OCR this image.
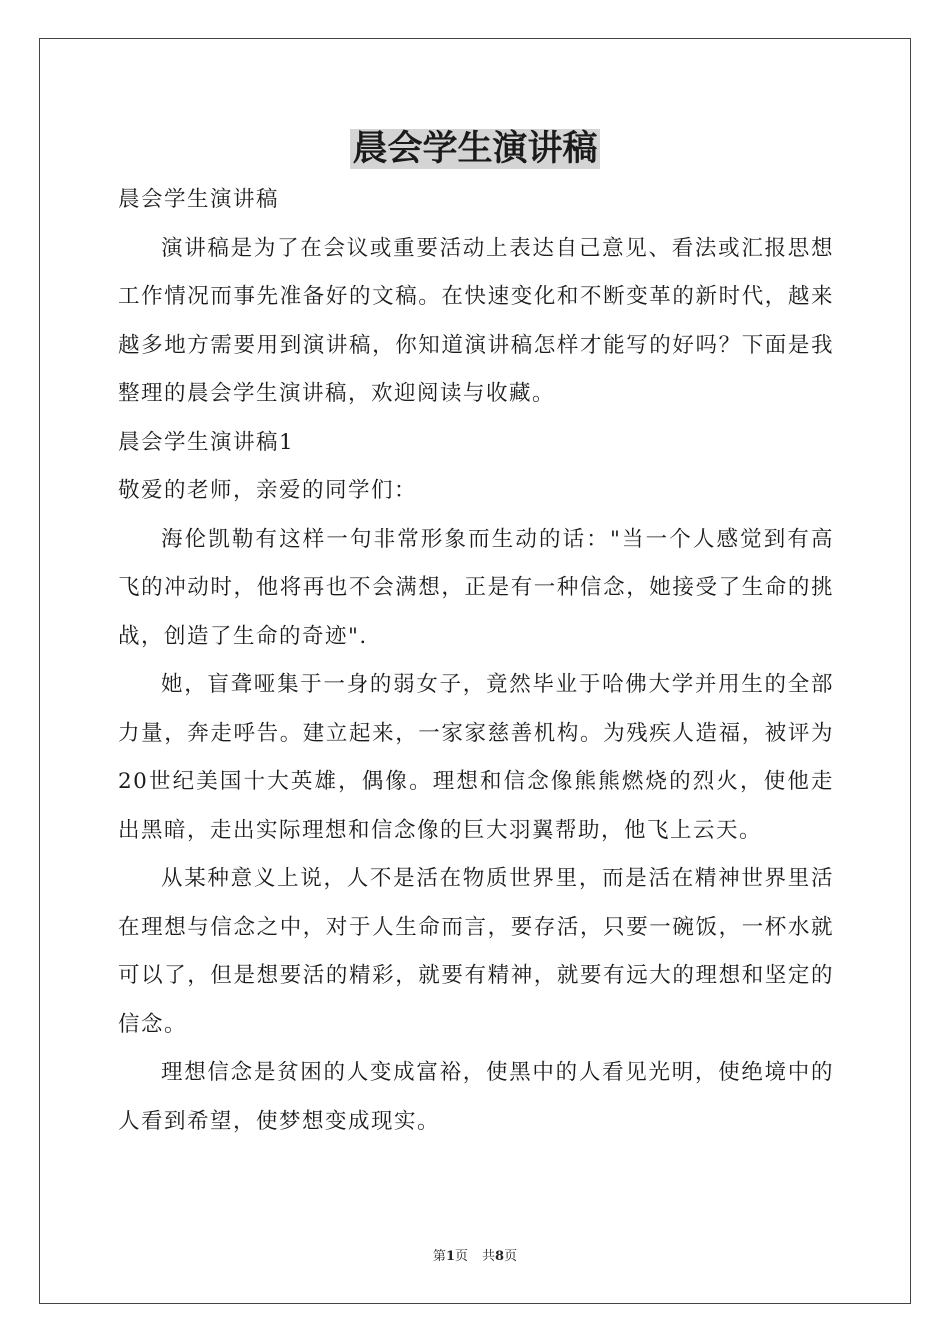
晨会学生演讲稿

晨会学生演讲稿

演讲稿是为了在会议或重要活动上表达自己意见、看法或汇报思想工作情况而事先准备好的文稿。在快速变化和不断变革的新时代，越来越多地方需要用到演讲稿，你知道演讲稿怎样才能写的好吗？下面是我整理的晨会学生演讲稿，欢迎阅读与收藏。

晨会学生演讲稿1

敬爱的老师，亲爱的同学们：

海伦凯勒有这样一句非常形象而生动的话："当一个人感觉到有高飞的冲动时，他将再也不会满想，正是有一种信念，她接受了生命的挑战，创造了生命的奇迹".

她，盲聋哑集于一身的弱女子，竟然毕业于哈佛大学并用生的全部力量，奔走呼告。建立起来，一家家慈善机构。为残疾人造福，被评为20世纪美国十大英雄，偶像。理想和信念像熊熊燃烧的烈火，使他走出黑暗，走出实际理想和信念像的巨大羽翼帮助，他飞上云天。

从某种意义上说，人不是活在物质世界里，而是活在精神世界里活在理想与信念之中，对于人生命而言，要存活，只要一碗饭，一杯水就可以了，但是想要活的精彩，就要有精神，就要有远大的理想和坚定的信念。

理想信念是贫困的人变成富裕，使黑中的人看见光明，使绝境中的人看到希望，使梦想变成现实。

第1页 共8页
